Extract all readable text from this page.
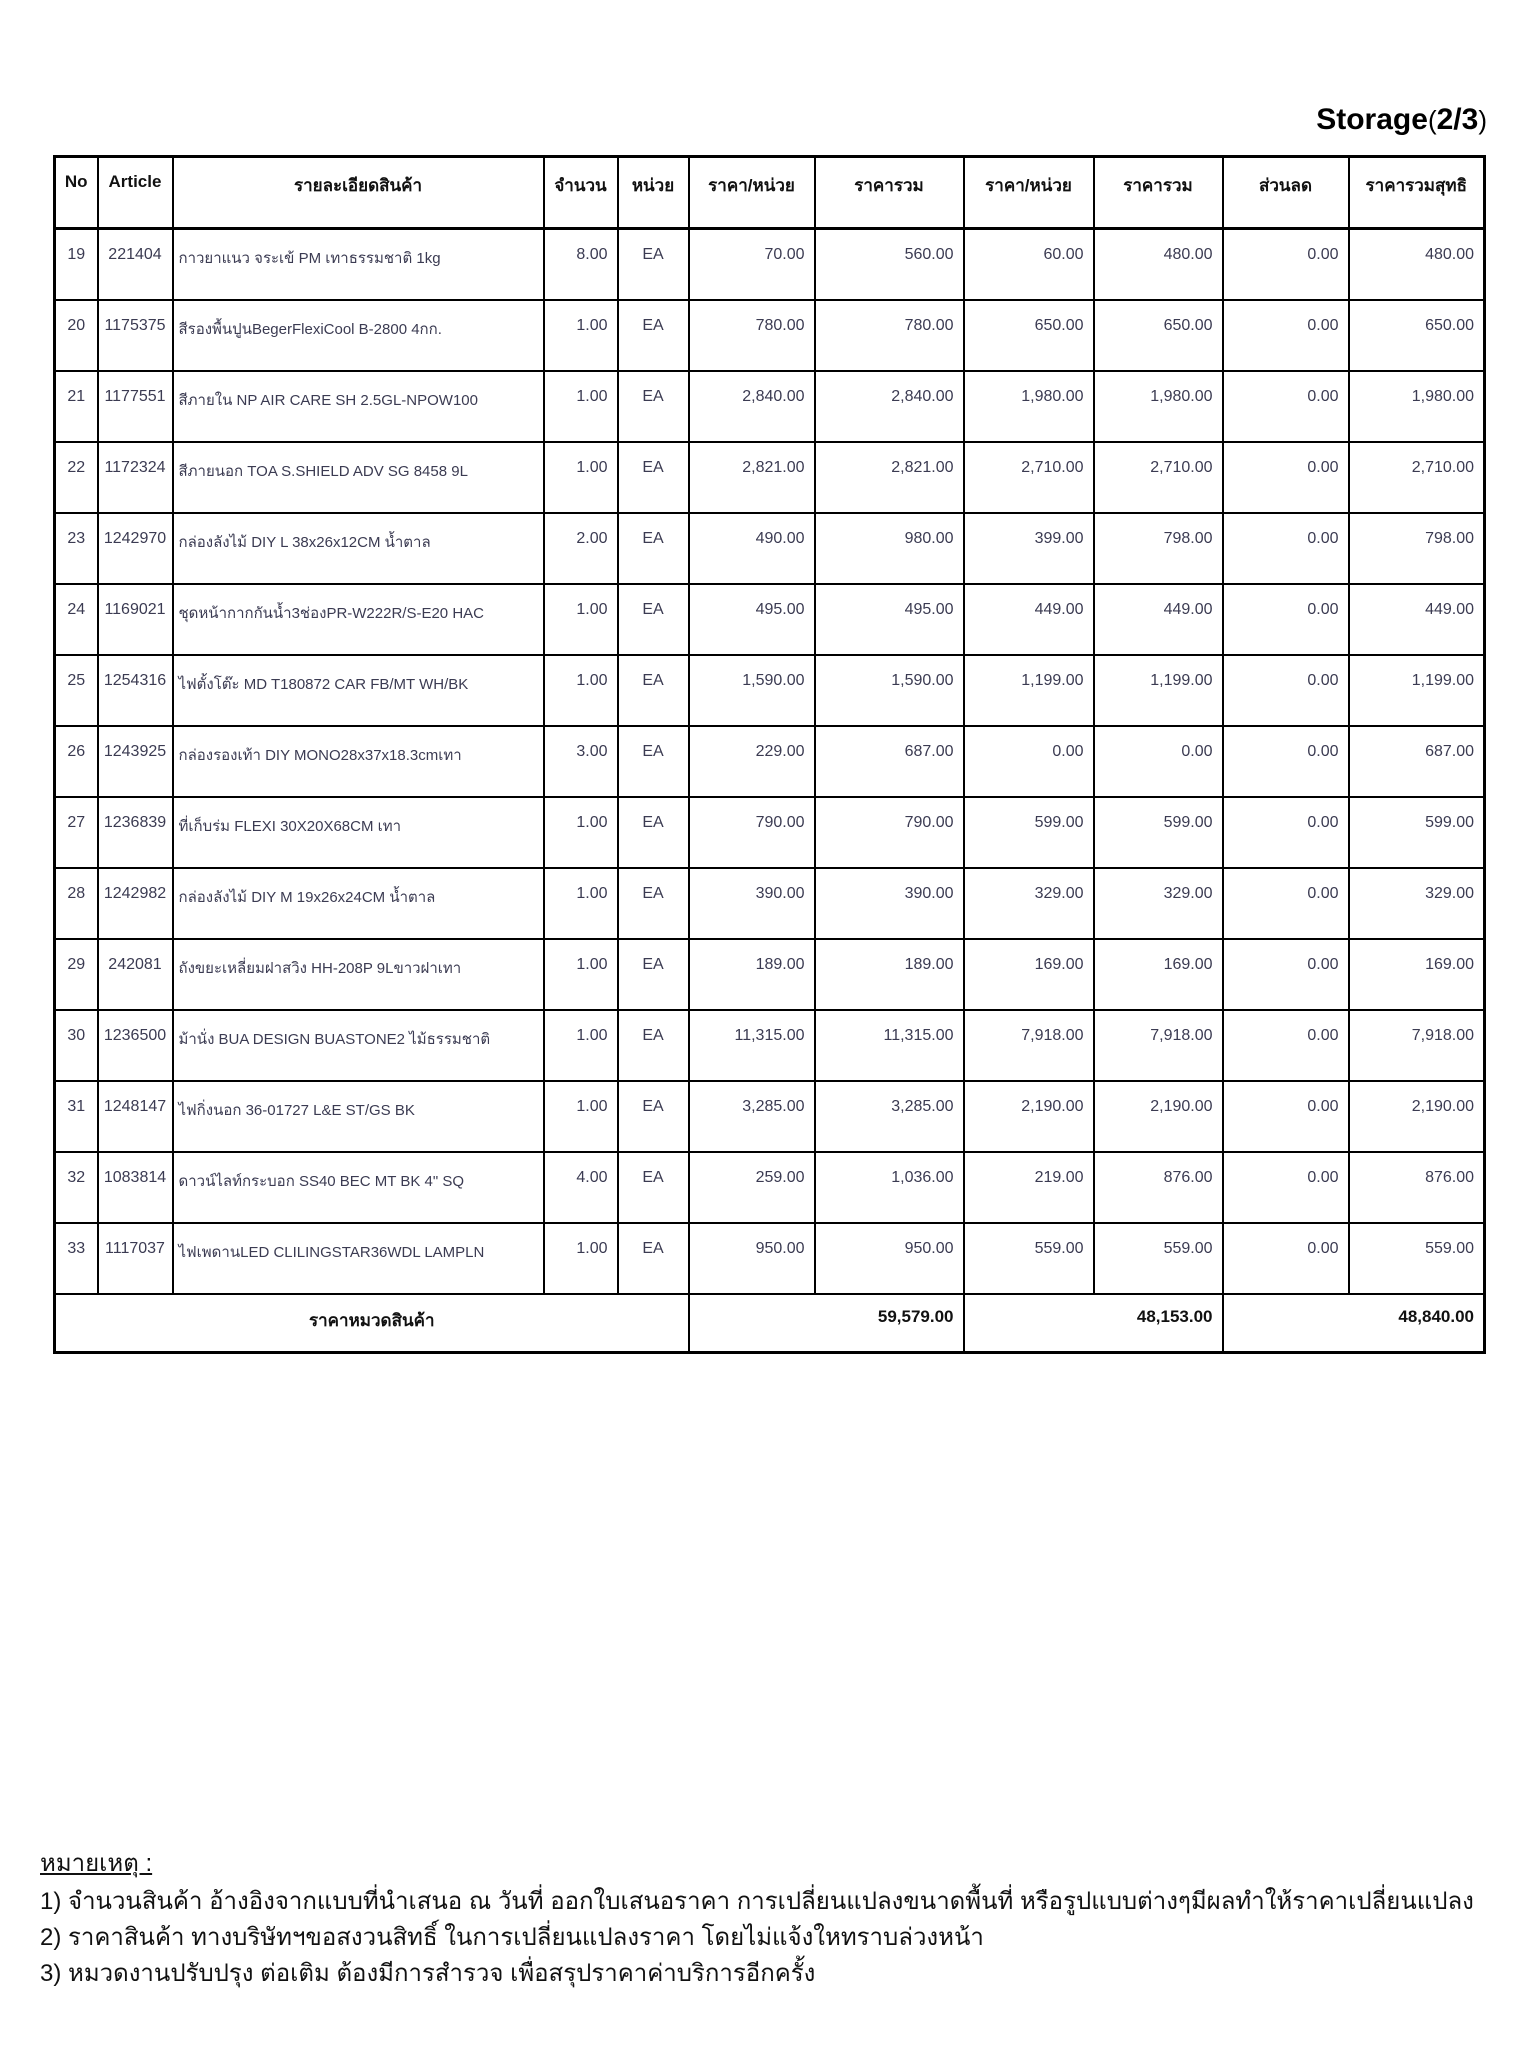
Storage(2/3)
No	Article	รายละเอียดสินค้า	จำนวน	หน่วย	ราคา/หน่วย	ราคารวม	ราคา/หน่วย	ราคารวม	ส่วนลด	ราคารวมสุทธิ
19	221404	กาวยาแนว จระเข้ PM เทาธรรมชาติ 1kg	8.00	EA	70.00	560.00	60.00	480.00	0.00	480.00
20	1175375	สีรองพื้นปูนBegerFlexiCool B-2800 4กก.	1.00	EA	780.00	780.00	650.00	650.00	0.00	650.00
21	1177551	สีภายใน NP AIR CARE SH 2.5GL-NPOW100	1.00	EA	2,840.00	2,840.00	1,980.00	1,980.00	0.00	1,980.00
22	1172324	สีภายนอก TOA S.SHIELD ADV SG 8458 9L	1.00	EA	2,821.00	2,821.00	2,710.00	2,710.00	0.00	2,710.00
23	1242970	กล่องลังไม้ DIY L 38x26x12CM น้ำตาล	2.00	EA	490.00	980.00	399.00	798.00	0.00	798.00
24	1169021	ชุดหน้ากากกันน้ำ3ช่องPR-W222R/S-E20 HAC	1.00	EA	495.00	495.00	449.00	449.00	0.00	449.00
25	1254316	ไฟตั้งโต๊ะ MD T180872 CAR FB/MT WH/BK	1.00	EA	1,590.00	1,590.00	1,199.00	1,199.00	0.00	1,199.00
26	1243925	กล่องรองเท้า DIY MONO28x37x18.3cmเทา	3.00	EA	229.00	687.00	0.00	0.00	0.00	687.00
27	1236839	ที่เก็บร่ม FLEXI 30X20X68CM เทา	1.00	EA	790.00	790.00	599.00	599.00	0.00	599.00
28	1242982	กล่องลังไม้ DIY M 19x26x24CM น้ำตาล	1.00	EA	390.00	390.00	329.00	329.00	0.00	329.00
29	242081	ถังขยะเหลี่ยมฝาสวิง HH-208P 9Lขาวฝาเทา	1.00	EA	189.00	189.00	169.00	169.00	0.00	169.00
30	1236500	ม้านั่ง BUA DESIGN BUASTONE2 ไม้ธรรมชาติ	1.00	EA	11,315.00	11,315.00	7,918.00	7,918.00	0.00	7,918.00
31	1248147	ไฟกิ่งนอก 36-01727 L&E ST/GS BK	1.00	EA	3,285.00	3,285.00	2,190.00	2,190.00	0.00	2,190.00
32	1083814	ดาวน์ไลท์กระบอก SS40 BEC MT BK 4" SQ	4.00	EA	259.00	1,036.00	219.00	876.00	0.00	876.00
33	1117037	ไฟเพดานLED CLILINGSTAR36WDL LAMPLN	1.00	EA	950.00	950.00	559.00	559.00	0.00	559.00
ราคาหมวดสินค้า					59,579.00		48,153.00		48,840.00	
หมายเหตุ :

1) จำนวนสินค้า อ้างอิงจากแบบที่นำเสนอ ณ วันที่ ออกใบเสนอราคา การเปลี่ยนแปลงขนาดพื้นที่ หรือรูปแบบต่างๆมีผลทำให้ราคาเปลี่ยนแปลง

2) ราคาสินค้า ทางบริษัทฯขอสงวนสิทธิ์ ในการเปลี่ยนแปลงราคา โดยไม่แจ้งใหทราบล่วงหน้า

3) หมวดงานปรับปรุง ต่อเติม ต้องมีการสำรวจ เพื่อสรุปราคาค่าบริการอีกครั้ง
